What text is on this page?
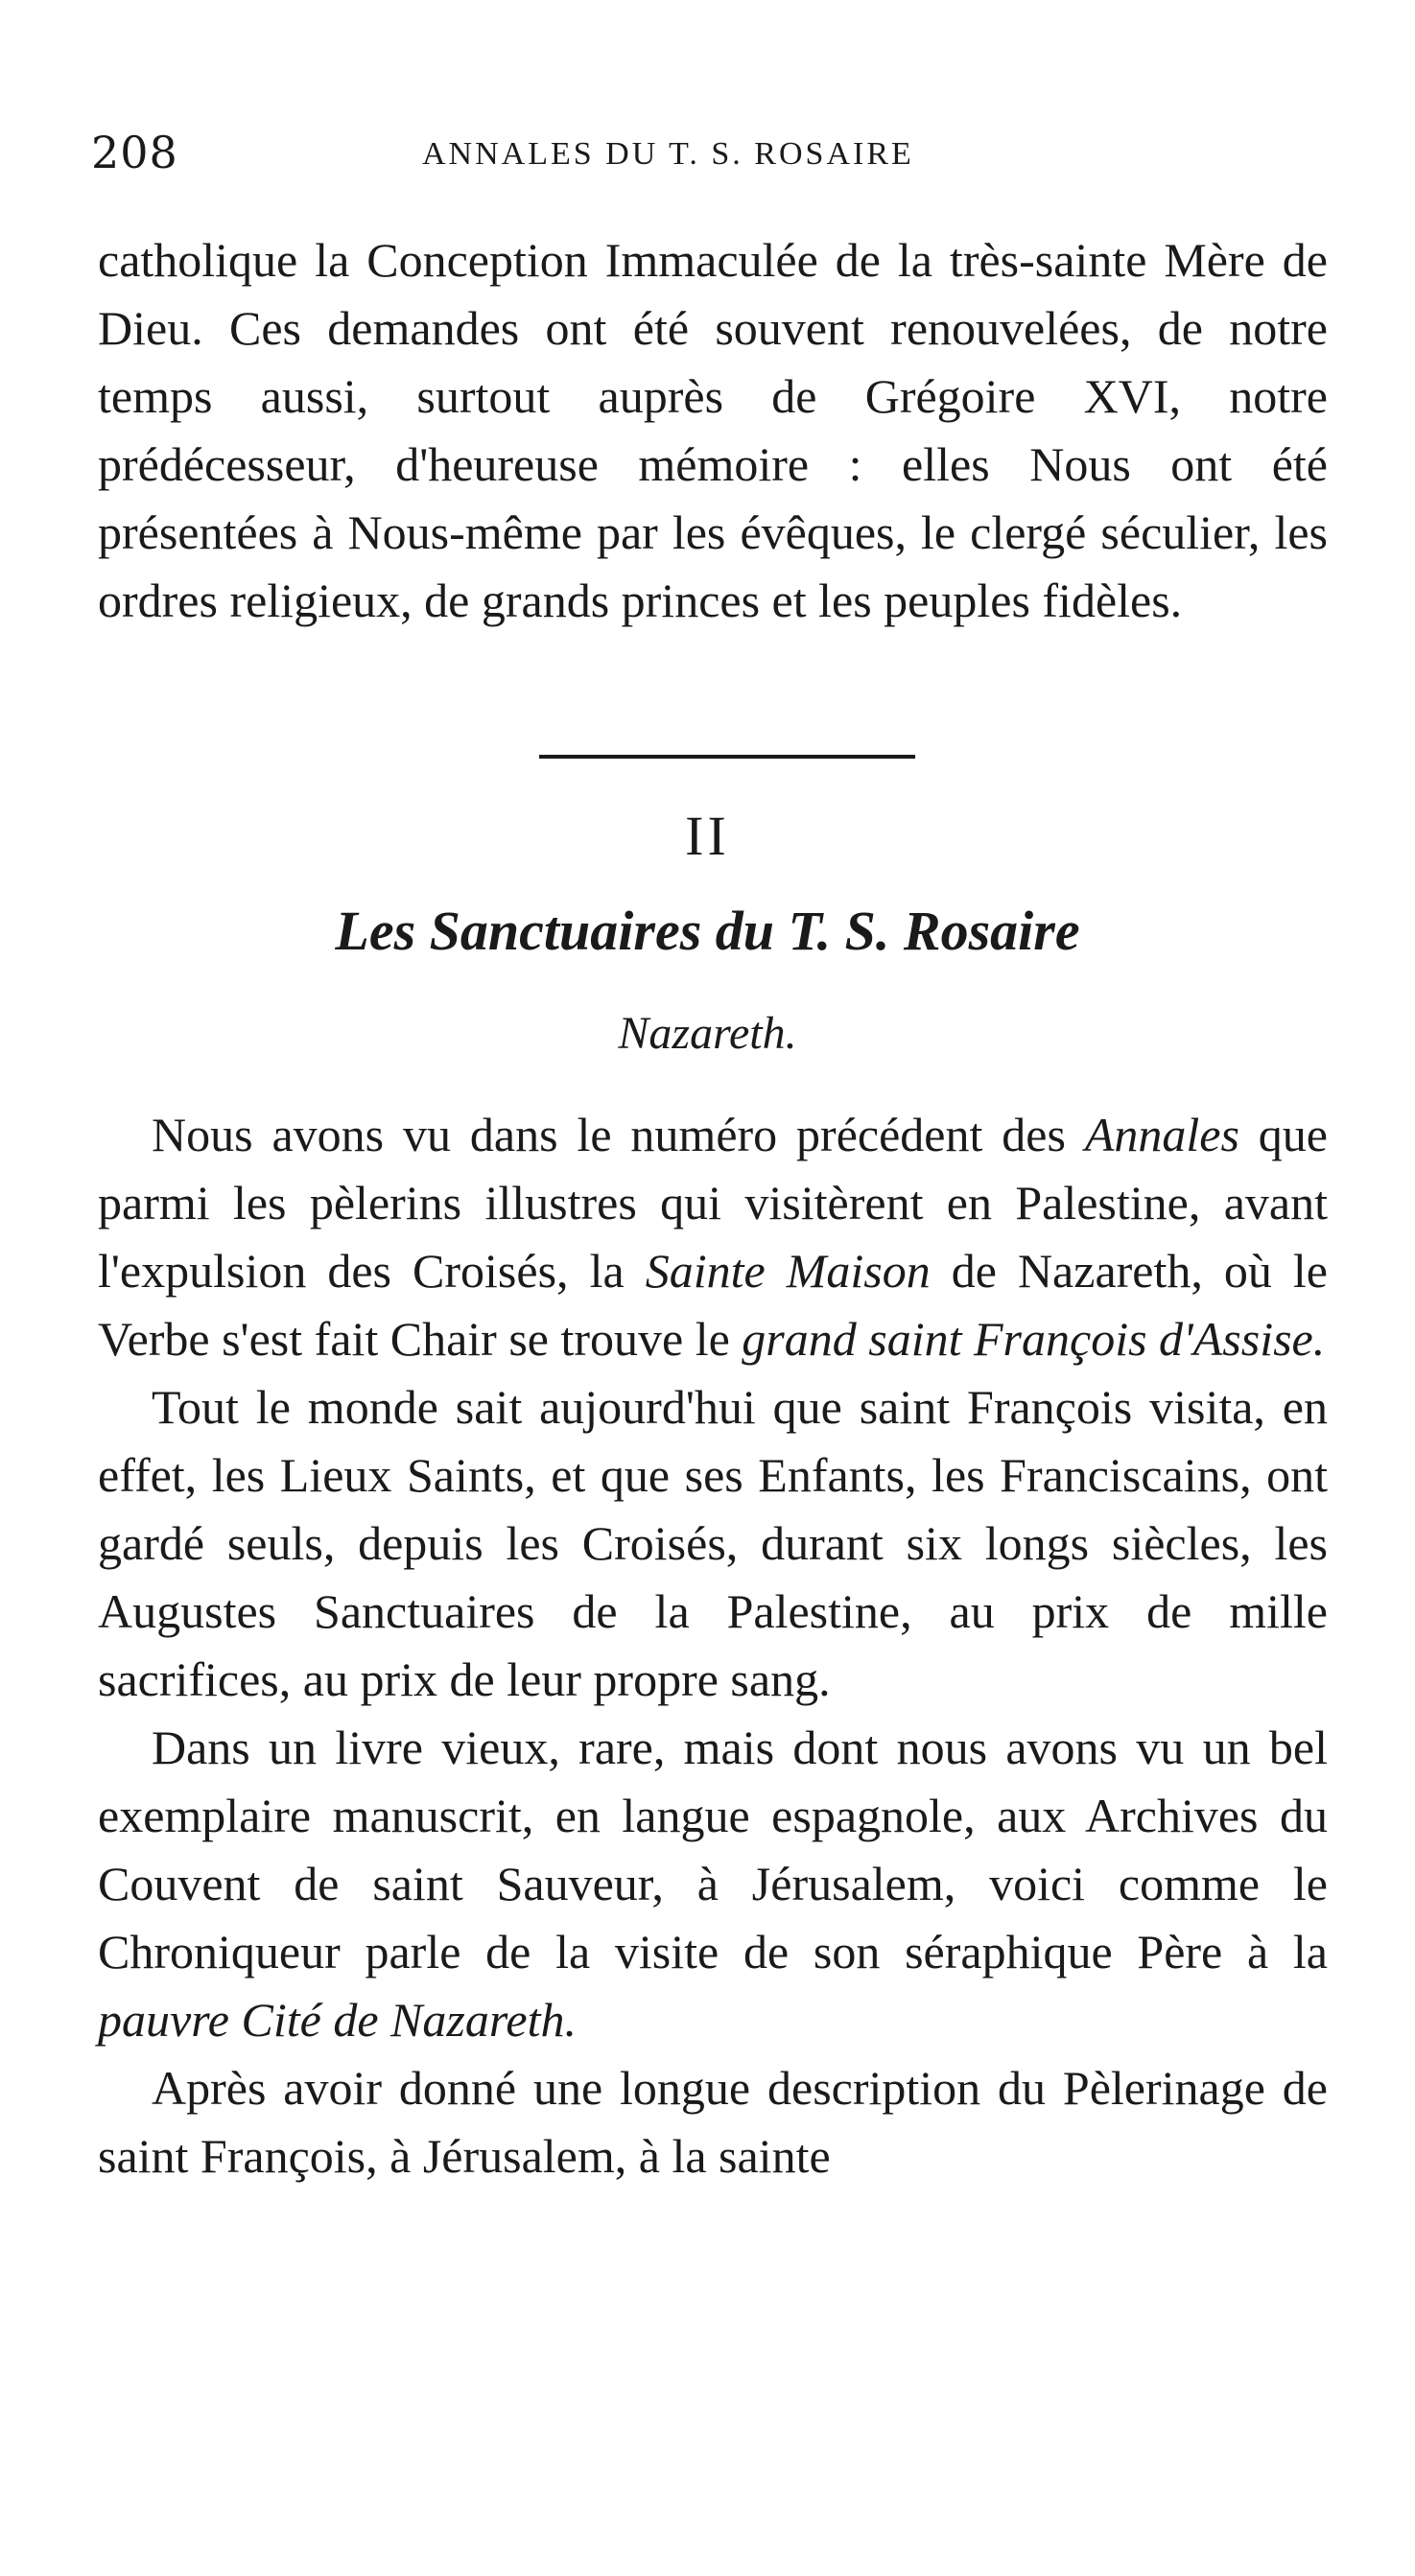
208	ANNALES DU T. S. ROSAIRE

catholique la Conception Immaculée de la très-sainte Mère de Dieu. Ces demandes ont été souvent renouvelées, de notre temps aussi, surtout auprès de Grégoire XVI, notre prédécesseur, d'heureuse mémoire : elles Nous ont été présentées à Nous-même par les évêques, le clergé séculier, les ordres religieux, de grands princes et les peuples fidèles.

II
Les Sanctuaires du T. S. Rosaire
Nazareth.

Nous avons vu dans le numéro précédent des Annales que parmi les pèlerins illustres qui visitèrent en Palestine, avant l'expulsion des Croisés, la Sainte Maison de Nazareth, où le Verbe s'est fait Chair se trouve le grand saint François d'Assise.

Tout le monde sait aujourd'hui que saint François visita, en effet, les Lieux Saints, et que ses Enfants, les Franciscains, ont gardé seuls, depuis les Croisés, durant six longs siècles, les Augustes Sanctuaires de la Palestine, au prix de mille sacrifices, au prix de leur propre sang.

Dans un livre vieux, rare, mais dont nous avons vu un bel exemplaire manuscrit, en langue espagnole, aux Archives du Couvent de saint Sauveur, à Jérusalem, voici comme le Chroniqueur parle de la visite de son séraphique Père à la pauvre Cité de Nazareth.

Après avoir donné une longue description du Pèlerinage de saint François, à Jérusalem, à la sainte
